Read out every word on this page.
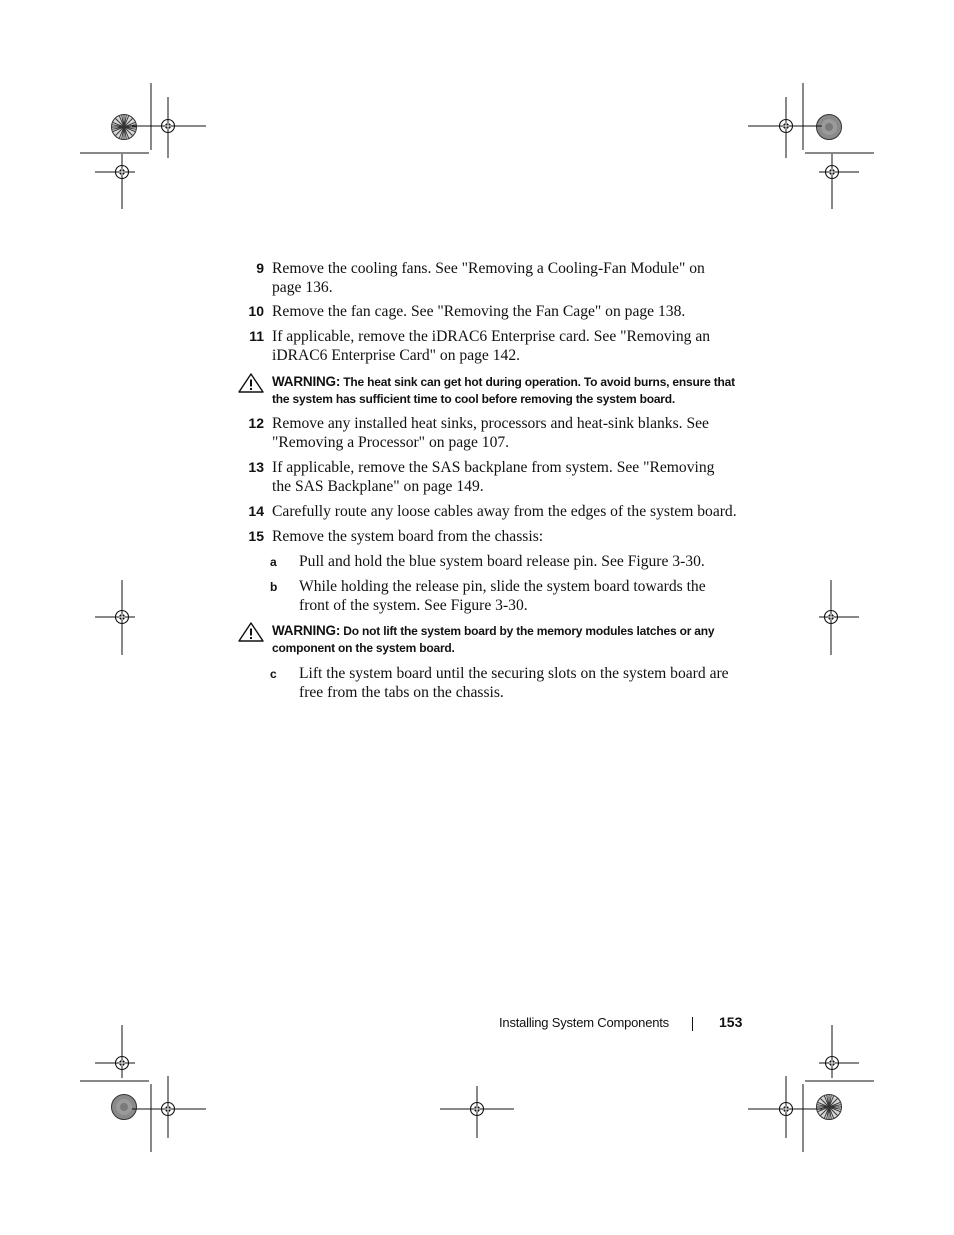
9 Remove the cooling fans. See "Removing a Cooling-Fan Module" on page 136.
10 Remove the fan cage. See "Removing the Fan Cage" on page 138.
11 If applicable, remove the iDRAC6 Enterprise card. See "Removing an iDRAC6 Enterprise Card" on page 142.
WARNING: The heat sink can get hot during operation. To avoid burns, ensure that the system has sufficient time to cool before removing the system board.
12 Remove any installed heat sinks, processors and heat-sink blanks. See "Removing a Processor" on page 107.
13 If applicable, remove the SAS backplane from system. See "Removing the SAS Backplane" on page 149.
14 Carefully route any loose cables away from the edges of the system board.
15 Remove the system board from the chassis:
a	Pull and hold the blue system board release pin. See Figure 3-30.
b	While holding the release pin, slide the system board towards the front of the system. See Figure 3-30.
WARNING: Do not lift the system board by the memory modules latches or any component on the system board.
c	Lift the system board until the securing slots on the system board are free from the tabs on the chassis.
Installing System Components	153
